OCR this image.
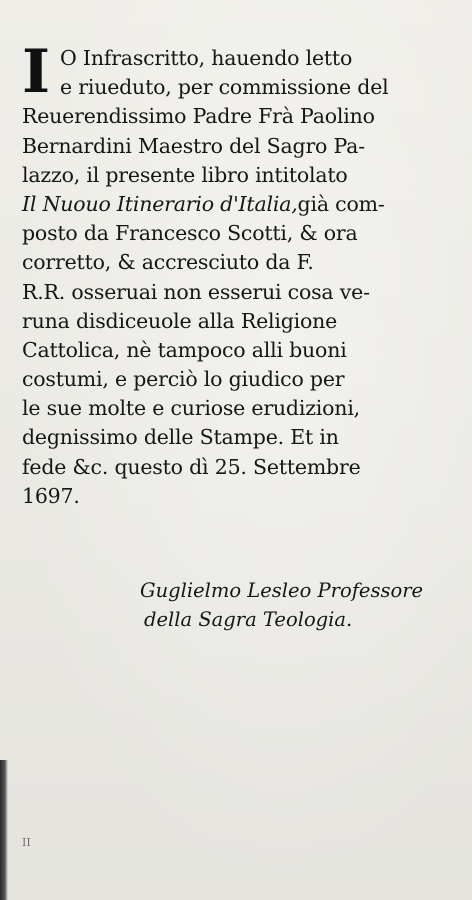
I O Infrascritto, hauendo letto
e riueduto, per commissione del
Reuerendissimo Padre Frà Paolino
Bernardini Maestro del Sagro Pa-
lazzo, il presente libro intitolato
Il Nuouo Itinerario d'Italia,già com-
posto da Francesco Scotti, & ora
corretto, & accresciuto da F.
R.R. osseruai non esserui cosa ve-
runa disdiceuole alla Religione
Cattolica, nè tampoco alli buoni
costumi, e perciò lo giudico per
le sue molte e curiose erudizioni,
degnissimo delle Stampe. Et in
fede &c. questo dì 25. Settembre
1697.
Guglielmo Lesleo Professore
della Sagra Teologia.
II
